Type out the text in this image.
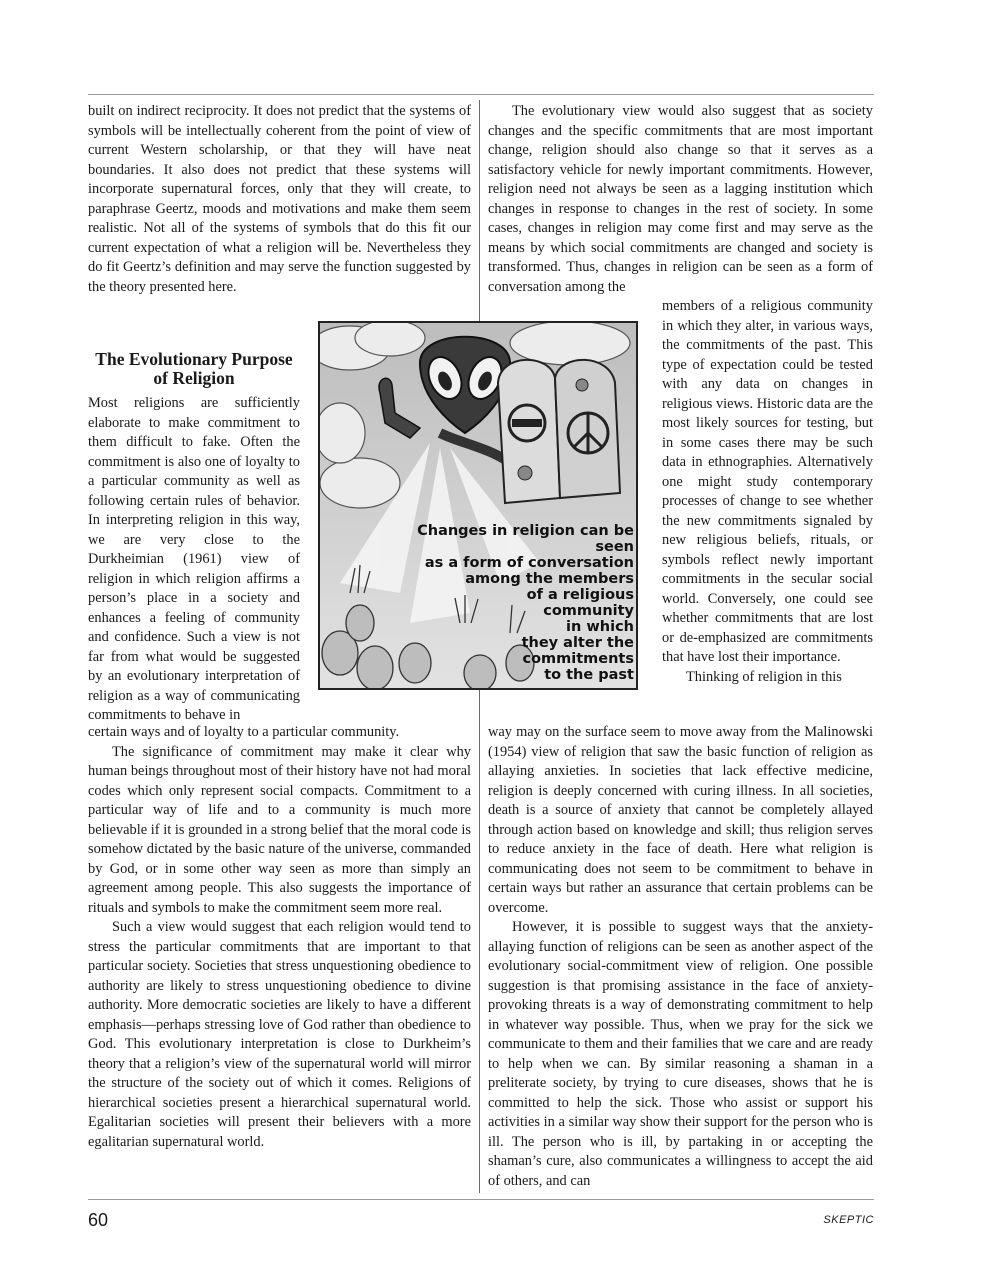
built on indirect reciprocity. It does not predict that the systems of symbols will be intellectually coherent from the point of view of current Western scholarship, or that they will have neat boundaries. It also does not predict that these systems will incorporate supernatural forces, only that they will create, to paraphrase Geertz, moods and motivations and make them seem realistic. Not all of the systems of symbols that do this fit our current expectation of what a religion will be. Nevertheless they do fit Geertz’s definition and may serve the function suggested by the theory presented here.

The Evolutionary Purpose of Religion

Most religions are sufficiently elaborate to make commitment to them difficult to fake. Often the commitment is also one of loyalty to a particular community as well as following certain rules of behavior. In interpreting religion in this way, we are very close to the Durkheimian (1961) view of religion in which religion affirms a person’s place in a society and enhances a feeling of community and confidence. Such a view is not far from what would be suggested by an evolutionary interpretation of religion as a way of communicating commitments to behave in

certain ways and of loyalty to a particular community.

The significance of commitment may make it clear why human beings throughout most of their history have not had moral codes which only represent social compacts. Commitment to a particular way of life and to a community is much more believable if it is grounded in a strong belief that the moral code is somehow dictated by the basic nature of the universe, commanded by God, or in some other way seen as more than simply an agreement among people. This also suggests the importance of rituals and symbols to make the commitment seem more real.

Such a view would suggest that each religion would tend to stress the particular commitments that are important to that particular society. Societies that stress unquestioning obedience to authority are likely to stress unquestioning obedience to divine authority. More democratic societies are likely to have a different emphasis—perhaps stressing love of God rather than obedience to God. This evolutionary interpretation is close to Durkheim’s theory that a religion’s view of the supernatural world will mirror the structure of the society out of which it comes. Religions of hierarchical societies present a hierarchical supernatural world. Egalitarian societies will present their believers with a more egalitarian supernatural world.

The evolutionary view would also suggest that as society changes and the specific commitments that are most important change, religion should also change so that it serves as a satisfactory vehicle for newly important commitments. However, religion need not always be seen as a lagging institution which changes in response to changes in the rest of society. In some cases, changes in religion may come first and may serve as the means by which social commitments are changed and society is transformed. Thus, changes in religion can be seen as a form of conversation among the

members of a religious community in which they alter, in various ways, the commitments of the past. This type of expectation could be tested with any data on changes in religious views. Historic data are the most likely sources for testing, but in some cases there may be such data in ethnographies. Alternatively one might study contemporary processes of change to see whether the new commitments signaled by new religious beliefs, rituals, or symbols reflect newly important commitments in the secular social world. Conversely, one could see whether commitments that are lost or de-emphasized are commitments that have lost their importance.

Thinking of religion in this

way may on the surface seem to move away from the Malinowski (1954) view of religion that saw the basic function of religion as allaying anxieties. In societies that lack effective medicine, religion is deeply concerned with curing illness. In all societies, death is a source of anxiety that cannot be completely allayed through action based on knowledge and skill; thus religion serves to reduce anxiety in the face of death. Here what religion is communicating does not seem to be commitment to behave in certain ways but rather an assurance that certain problems can be overcome.

However, it is possible to suggest ways that the anxiety-allaying function of religions can be seen as another aspect of the evolutionary social-commitment view of religion. One possible suggestion is that promising assistance in the face of anxiety-provoking threats is a way of demonstrating commitment to help in whatever way possible. Thus, when we pray for the sick we communicate to them and their families that we care and are ready to help when we can. By similar reasoning a shaman in a preliterate society, by trying to cure diseases, shows that he is committed to help the sick. Those who assist or support his activities in a similar way show their support for the person who is ill. The person who is ill, by partaking in or accepting the shaman’s cure, also communicates a willingness to accept the aid of others, and can

Changes in religion can be seen
as a form of conversation
among the members
of a religious
community
in which
they alter the
commitments
to the past
60	SKEPTIC
